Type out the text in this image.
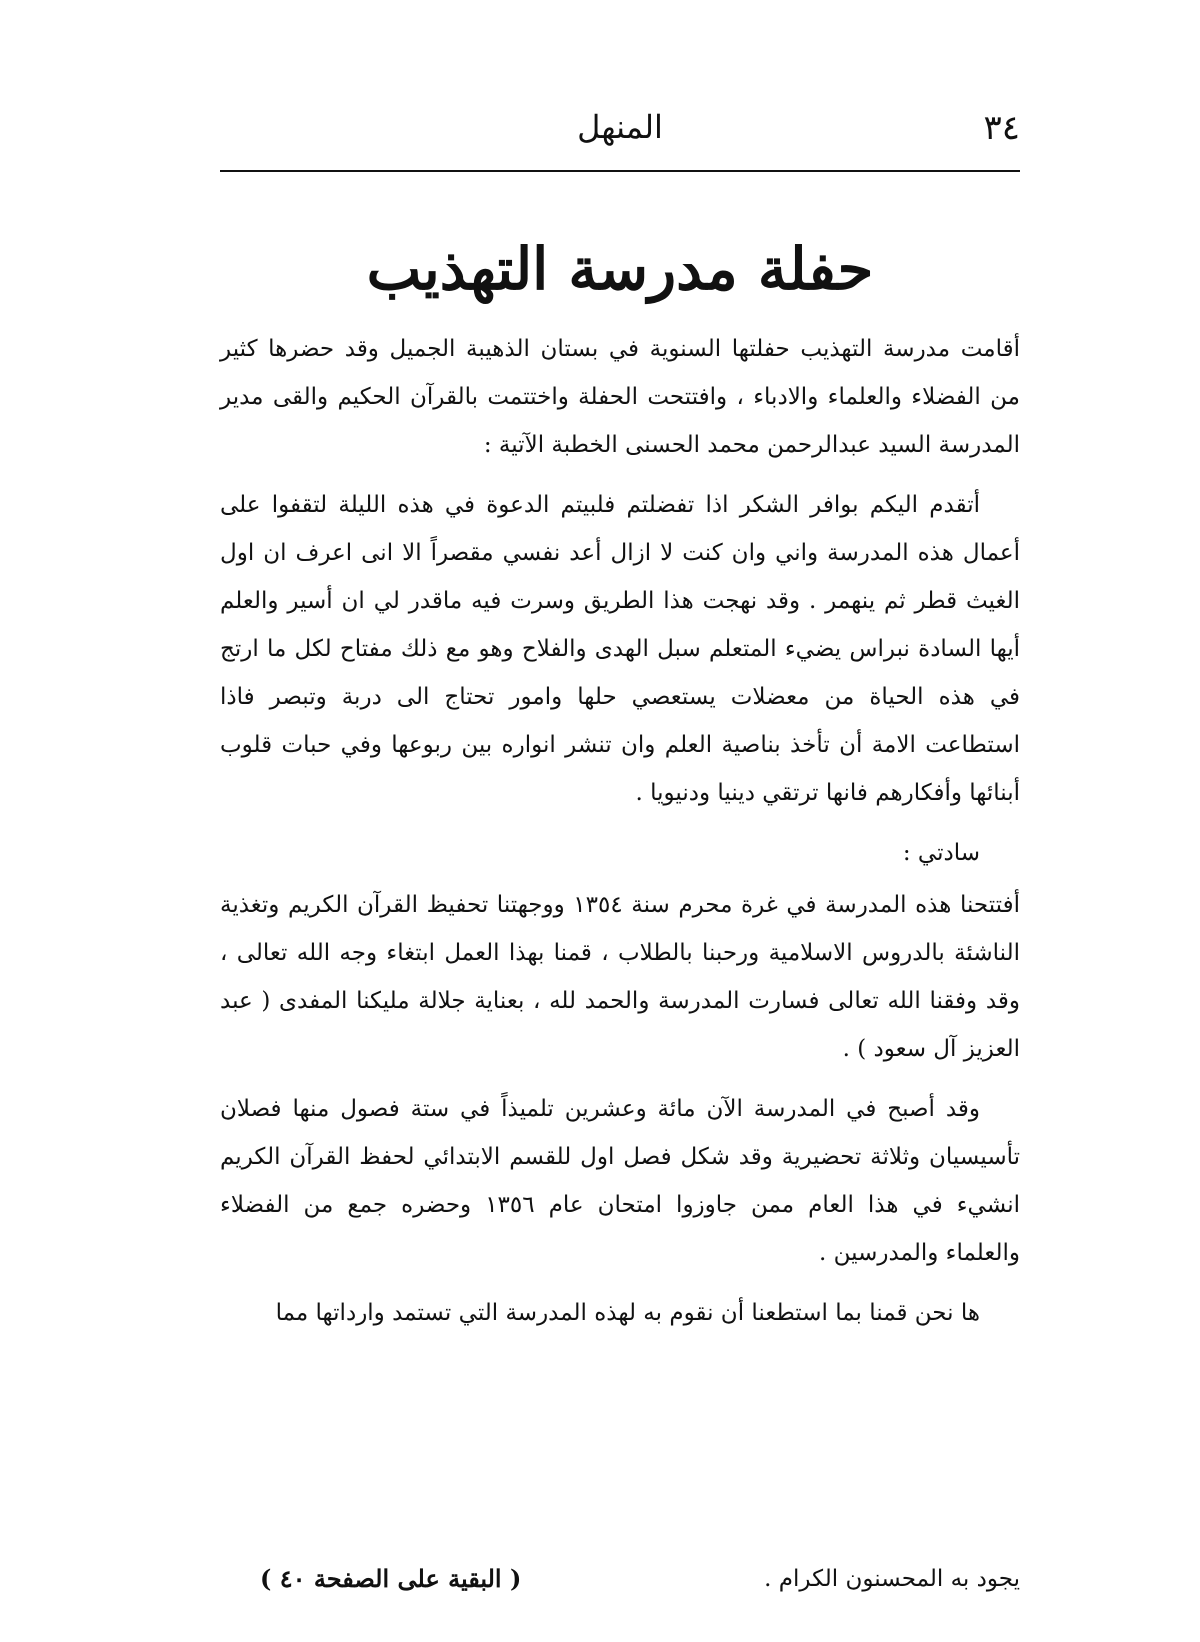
٣٤
المنهل
حفلة مدرسة التهذيب

أقامت مدرسة التهذيب حفلتها السنوية في بستان الذهيبة الجميل وقد حضرها كثير من الفضلاء والعلماء والادباء ، وافتتحت الحفلة واختتمت بالقرآن الحكيم والقى مدير المدرسة السيد عبدالرحمن محمد الحسنى الخطبة الآتية :

أتقدم اليكم بوافر الشكر اذا تفضلتم فلبيتم الدعوة في هذه الليلة لتقفوا على أعمال هذه المدرسة واني وان كنت لا ازال أعد نفسي مقصراً الا انى اعرف ان اول الغيث قطر ثم ينهمر . وقد نهجت هذا الطريق وسرت فيه ماقدر لي ان أسير والعلم أيها السادة نبراس يضيء المتعلم سبل الهدى والفلاح وهو مع ذلك مفتاح لكل ما ارتج في هذه الحياة من معضلات يستعصي حلها وامور تحتاج الى دربة وتبصر فاذا استطاعت الامة أن تأخذ بناصية العلم وان تنشر انواره بين ربوعها وفي حبات قلوب أبنائها وأفكارهم فانها ترتقي دينيا ودنيويا .

سادتي :

أفتتحنا هذه المدرسة في غرة محرم سنة ١٣٥٤ ووجهتنا تحفيظ القرآن الكريم وتغذية الناشئة بالدروس الاسلامية ورحبنا بالطلاب ، قمنا بهذا العمل ابتغاء وجه الله تعالى ، وقد وفقنا الله تعالى فسارت المدرسة والحمد لله ، بعناية جلالة مليكنا المفدى ( عبد العزيز آل سعود ) .

وقد أصبح في المدرسة الآن مائة وعشرين تلميذاً في ستة فصول منها فصلان تأسيسيان وثلاثة تحضيرية وقد شكل فصل اول للقسم الابتدائي لحفظ القرآن الكريم انشيء في هذا العام ممن جاوزوا امتحان عام ١٣٥٦ وحضره جمع من الفضلاء والعلماء والمدرسين .

ها نحن قمنا بما استطعنا أن نقوم به لهذه المدرسة التي تستمد وارداتها مما

يجود به المحسنون الكرام .
( البقية على الصفحة ٤٠ )
